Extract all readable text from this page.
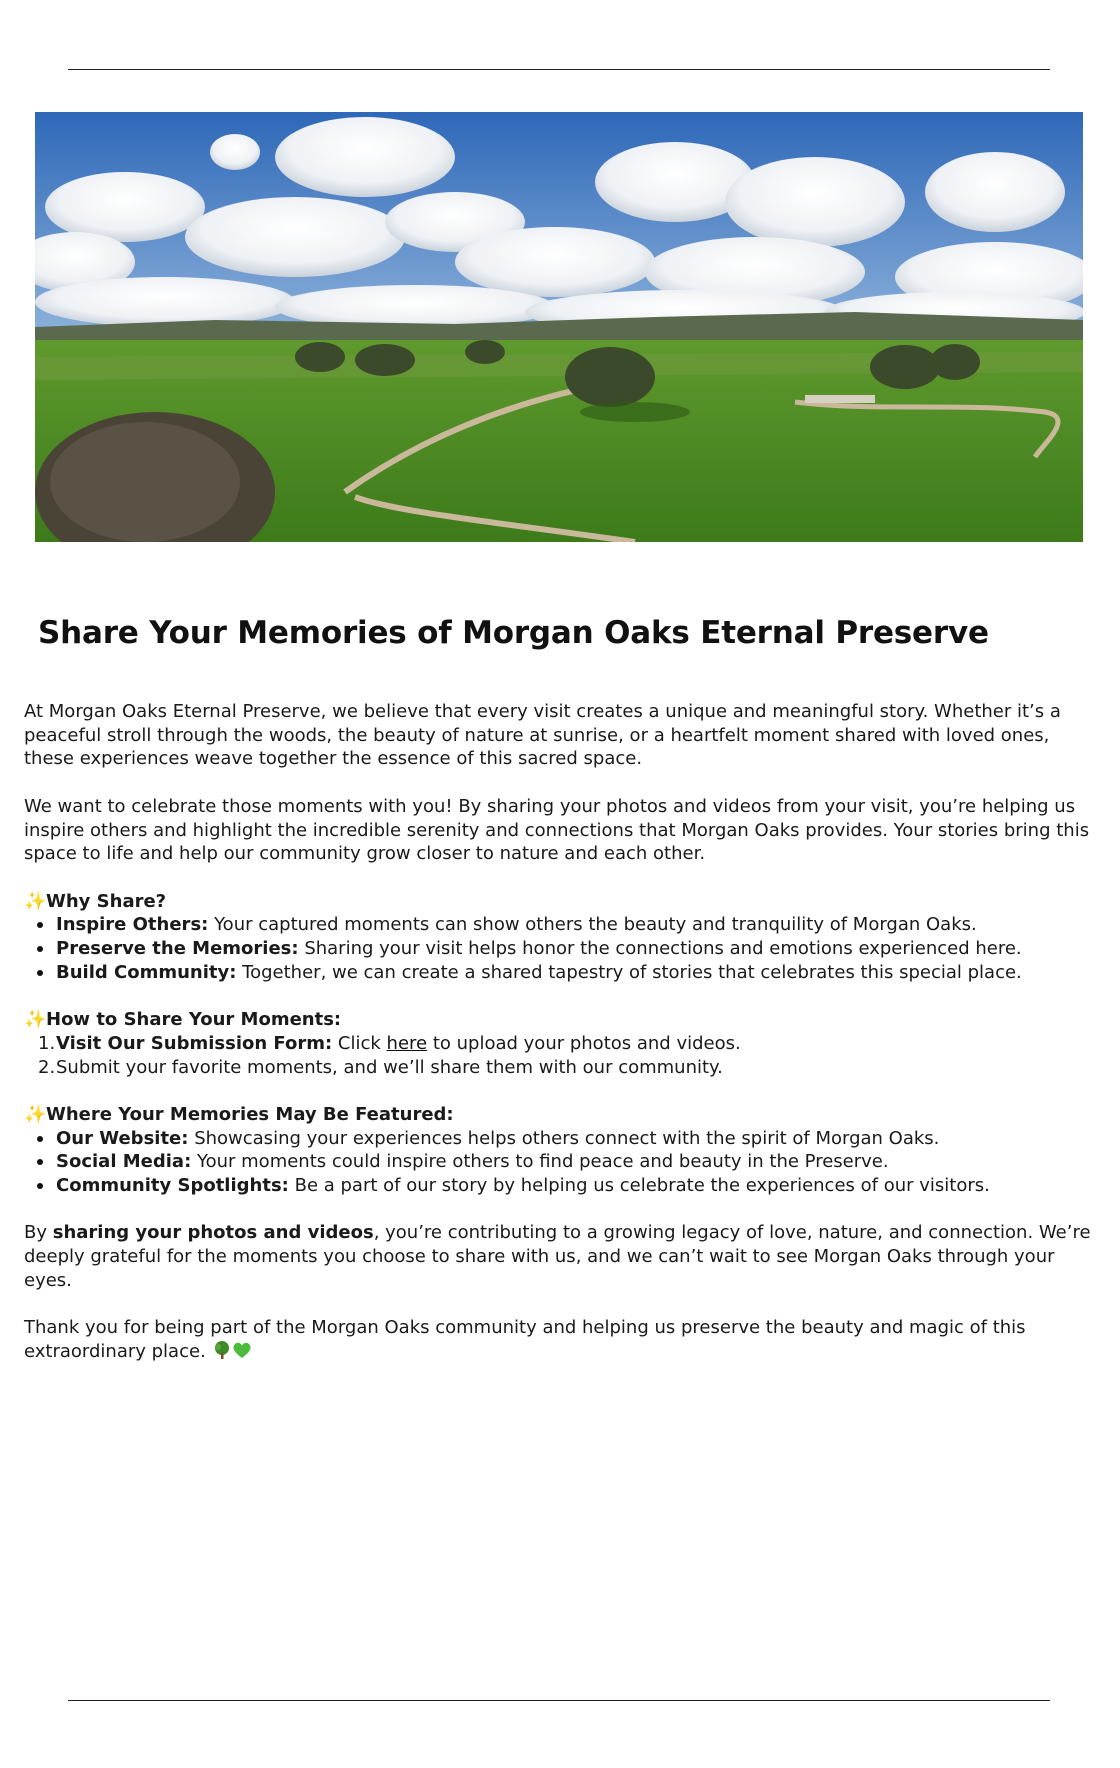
Share Your Memories of Morgan Oaks Eternal Preserve

At Morgan Oaks Eternal Preserve, we believe that every visit creates a unique and meaningful story. Whether it’s a peaceful stroll through the woods, the beauty of nature at sunrise, or a heartfelt moment shared with loved ones, these experiences weave together the essence of this sacred space.

We want to celebrate those moments with you! By sharing your photos and videos from your visit, you’re helping us inspire others and highlight the incredible serenity and connections that Morgan Oaks provides. Your stories bring this space to life and help our community grow closer to nature and each other.

✨Why Share?

Inspire Others: Your captured moments can show others the beauty and tranquility of Morgan Oaks.
Preserve the Memories: Sharing your visit helps honor the connections and emotions experienced here.
Build Community: Together, we can create a shared tapestry of stories that celebrates this special place.

✨How to Share Your Moments:

1. Visit Our Submission Form: Click here to upload your photos and videos.
2. Submit your favorite moments, and we’ll share them with our community.

✨Where Your Memories May Be Featured:

Our Website: Showcasing your experiences helps others connect with the spirit of Morgan Oaks.
Social Media: Your moments could inspire others to find peace and beauty in the Preserve.
Community Spotlights: Be a part of our story by helping us celebrate the experiences of our visitors.

By sharing your photos and videos, you’re contributing to a growing legacy of love, nature, and connection. We’re deeply grateful for the moments you choose to share with us, and we can’t wait to see Morgan Oaks through your eyes.

Thank you for being part of the Morgan Oaks community and helping us preserve the beauty and magic of this extraordinary place.
